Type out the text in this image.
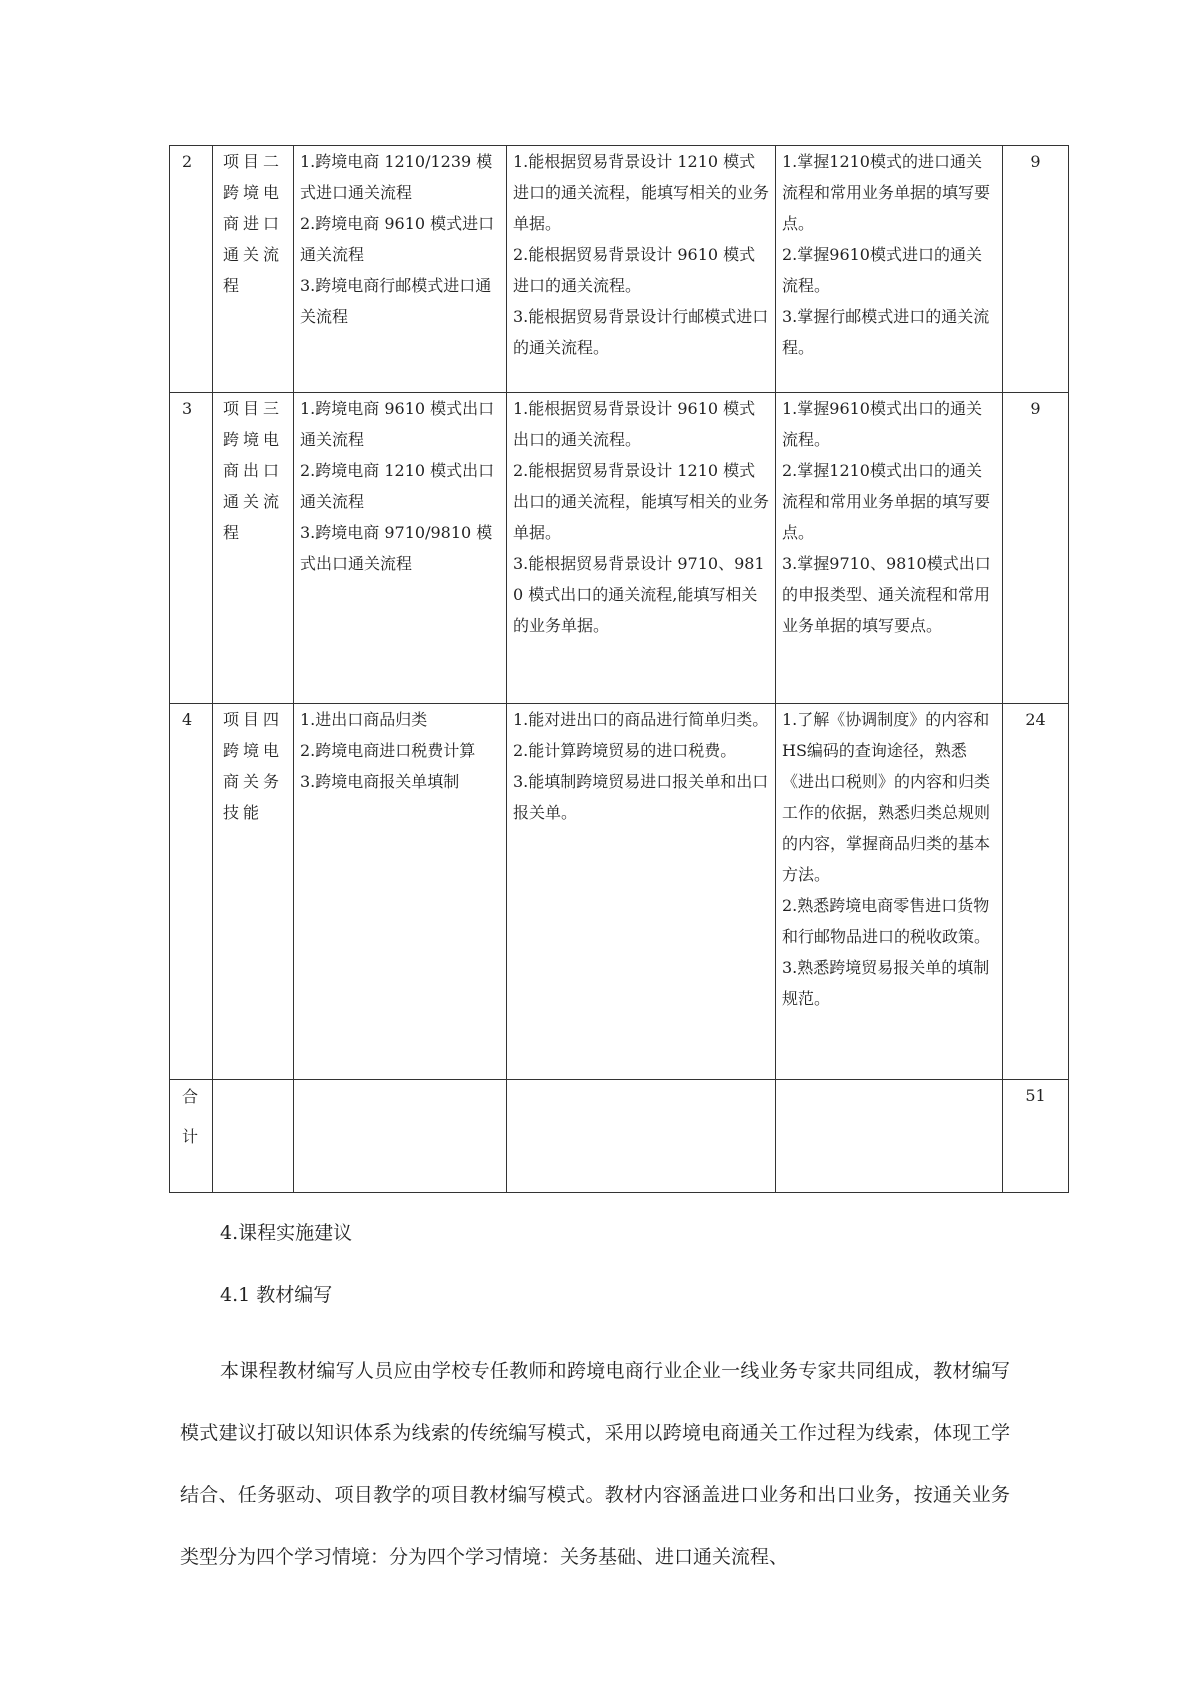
2	项目二跨境电商进口通关流程	1.跨境电商 1210/1239 模式进口通关流程
2.跨境电商 9610 模式进口通关流程
3.跨境电商行邮模式进口通关流程	1.能根据贸易背景设计 1210 模式进口的通关流程，能填写相关的业务单据。
2.能根据贸易背景设计 9610 模式进口的通关流程。
3.能根据贸易背景设计行邮模式进口的通关流程。	1.掌握1210模式的进口通关流程和常用业务单据的填写要点。
2.掌握9610模式进口的通关流程。
3.掌握行邮模式进口的通关流程。	9
3	项目三跨境电商出口通关流程	1.跨境电商 9610 模式出口通关流程
2.跨境电商 1210 模式出口通关流程
3.跨境电商 9710/9810 模式出口通关流程	1.能根据贸易背景设计 9610 模式出口的通关流程。
2.能根据贸易背景设计 1210 模式出口的通关流程，能填写相关的业务单据。
3.能根据贸易背景设计 9710、9810 模式出口的通关流程,能填写相关的业务单据。	1.掌握9610模式出口的通关流程。
2.掌握1210模式出口的通关流程和常用业务单据的填写要点。
3.掌握9710、9810模式出口的申报类型、通关流程和常用业务单据的填写要点。	9
4	项目四跨境电商关务技能	1.进出口商品归类
2.跨境电商进口税费计算
3.跨境电商报关单填制	1.能对进出口的商品进行简单归类。
2.能计算跨境贸易的进口税费。
3.能填制跨境贸易进口报关单和出口报关单。	1.了解《协调制度》的内容和HS编码的查询途径，熟悉《进出口税则》的内容和归类工作的依据，熟悉归类总规则的内容，掌握商品归类的基本方法。
2.熟悉跨境电商零售进口货物和行邮物品进口的税收政策。
3.熟悉跨境贸易报关单的填制规范。	24

合
计					51

4.课程实施建议

4.1 教材编写

本课程教材编写人员应由学校专任教师和跨境电商行业企业一线业务专家共同组成，教材编写模式建议打破以知识体系为线索的传统编写模式，采用以跨境电商通关工作过程为线索，体现工学结合、任务驱动、项目教学的项目教材编写模式。教材内容涵盖进口业务和出口业务，按通关业务类型分为四个学习情境：分为四个学习情境：关务基础、进口通关流程、
